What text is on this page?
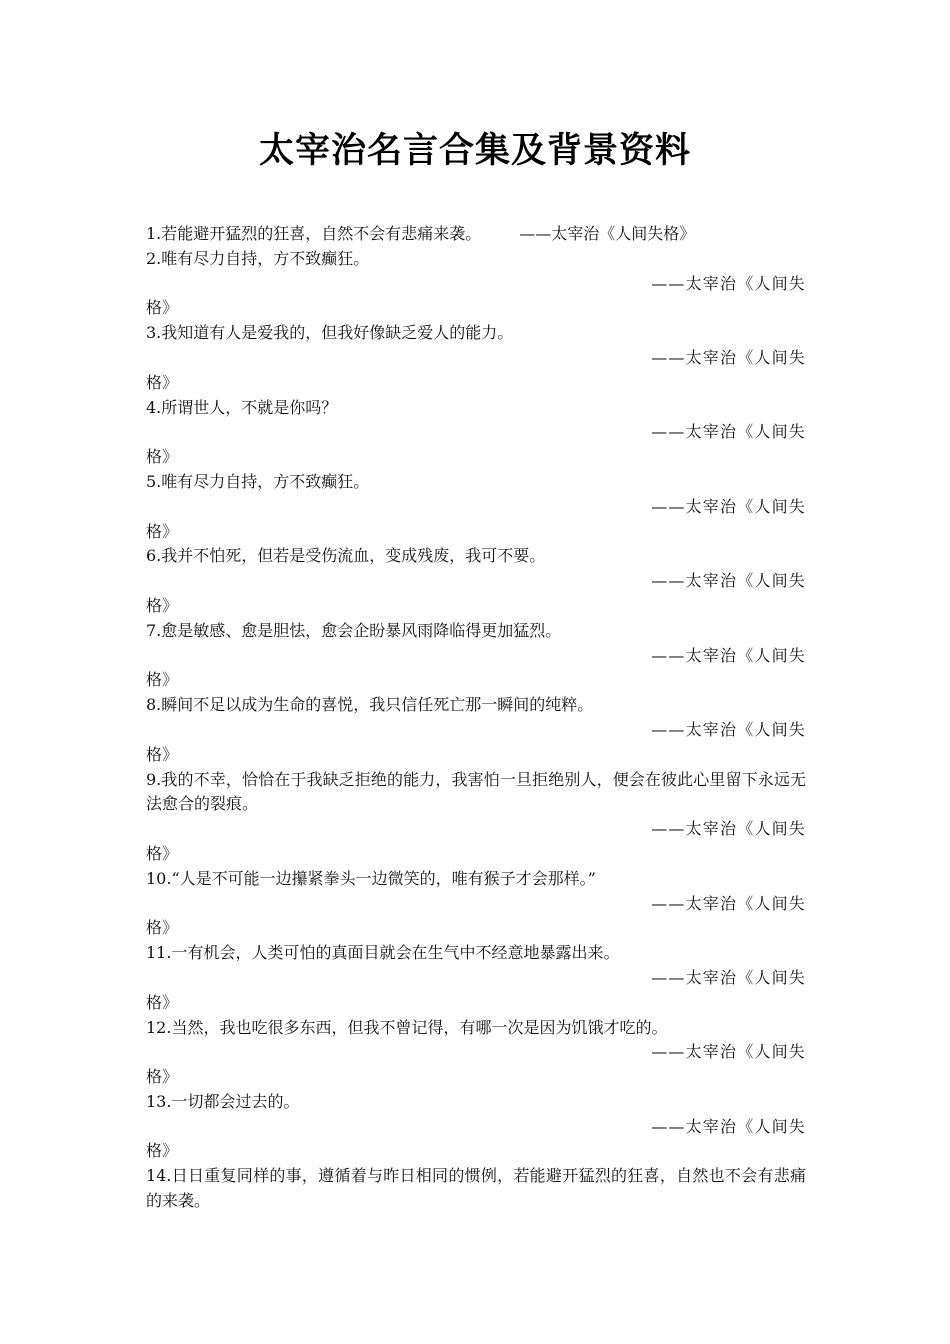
太宰治名言合集及背景资料
1.若能避开猛烈的狂喜，自然不会有悲痛来袭。 ——太宰治《人间失格》
2.唯有尽力自持，方不致癫狂。
——太宰治《人间失
格》
3.我知道有人是爱我的，但我好像缺乏爱人的能力。
——太宰治《人间失
格》
4.所谓世人，不就是你吗？
——太宰治《人间失
格》
5.唯有尽力自持，方不致癫狂。
——太宰治《人间失
格》
6.我并不怕死，但若是受伤流血，变成残废，我可不要。
——太宰治《人间失
格》
7.愈是敏感、愈是胆怯，愈会企盼暴风雨降临得更加猛烈。
——太宰治《人间失
格》
8.瞬间不足以成为生命的喜悦，我只信任死亡那一瞬间的纯粹。
——太宰治《人间失
格》
9.我的不幸，恰恰在于我缺乏拒绝的能力，我害怕一旦拒绝别人，便会在彼此心里留下永远无法愈合的裂痕。
——太宰治《人间失
格》
10.“人是不可能一边攥紧拳头一边微笑的，唯有猴子才会那样。”
——太宰治《人间失
格》
11.一有机会，人类可怕的真面目就会在生气中不经意地暴露出来。
——太宰治《人间失
格》
12.当然，我也吃很多东西，但我不曾记得，有哪一次是因为饥饿才吃的。
——太宰治《人间失
格》
13.一切都会过去的。
——太宰治《人间失
格》
14.日日重复同样的事，遵循着与昨日相同的惯例，若能避开猛烈的狂喜，自然也不会有悲痛的来袭。
